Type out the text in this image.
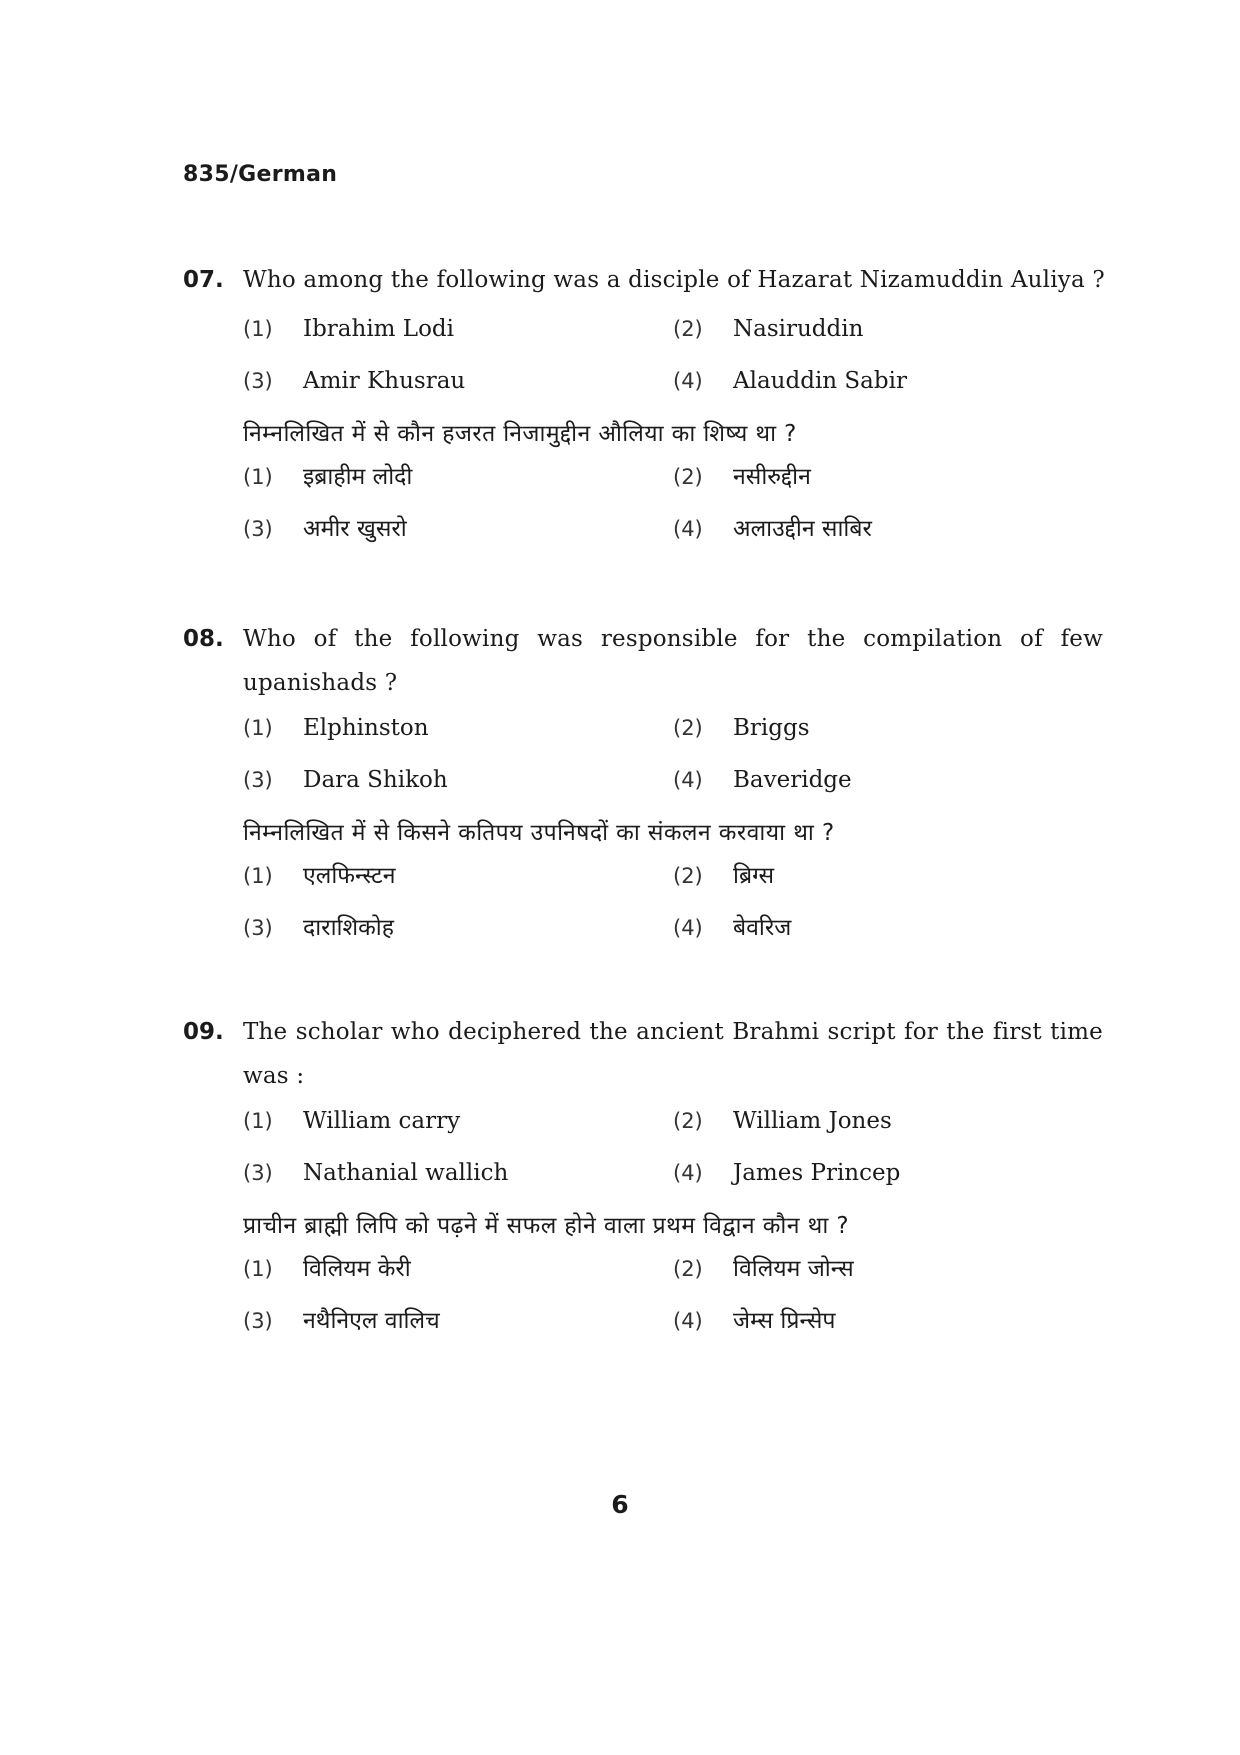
835/German
07. Who among the following was a disciple of Hazarat Nizamuddin Auliya ?
(1)	Ibrahim Lodi	(2)	Nasiruddin
(3)	Amir Khusrau	(4)	Alauddin Sabir
निम्नलिखित में से कौन हजरत निजामुद्दीन औलिया का शिष्य था ?
(1)	इब्राहीम लोदी	(2)	नसीरुद्दीन
(3)	अमीर खुसरो	(4)	अलाउद्दीन साबिर
08. Who of the following was responsible for the compilation of few upanishads ?
(1)	Elphinston	(2)	Briggs
(3)	Dara Shikoh	(4)	Baveridge
निम्नलिखित में से किसने कतिपय उपनिषदों का संकलन करवाया था ?
(1)	एलफिन्स्टन	(2)	ब्रिग्स
(3)	दाराशिकोह	(4)	बेवरिज
09. The scholar who deciphered the ancient Brahmi script for the first time was :
(1)	William carry	(2)	William Jones
(3)	Nathanial wallich	(4)	James Princep
प्राचीन ब्राह्मी लिपि को पढ़ने में सफल होने वाला प्रथम विद्वान कौन था ?
(1)	विलियम केरी	(2)	विलियम जोन्स
(3)	नथैनिएल वालिच	(4)	जेम्स प्रिन्सेप
6
